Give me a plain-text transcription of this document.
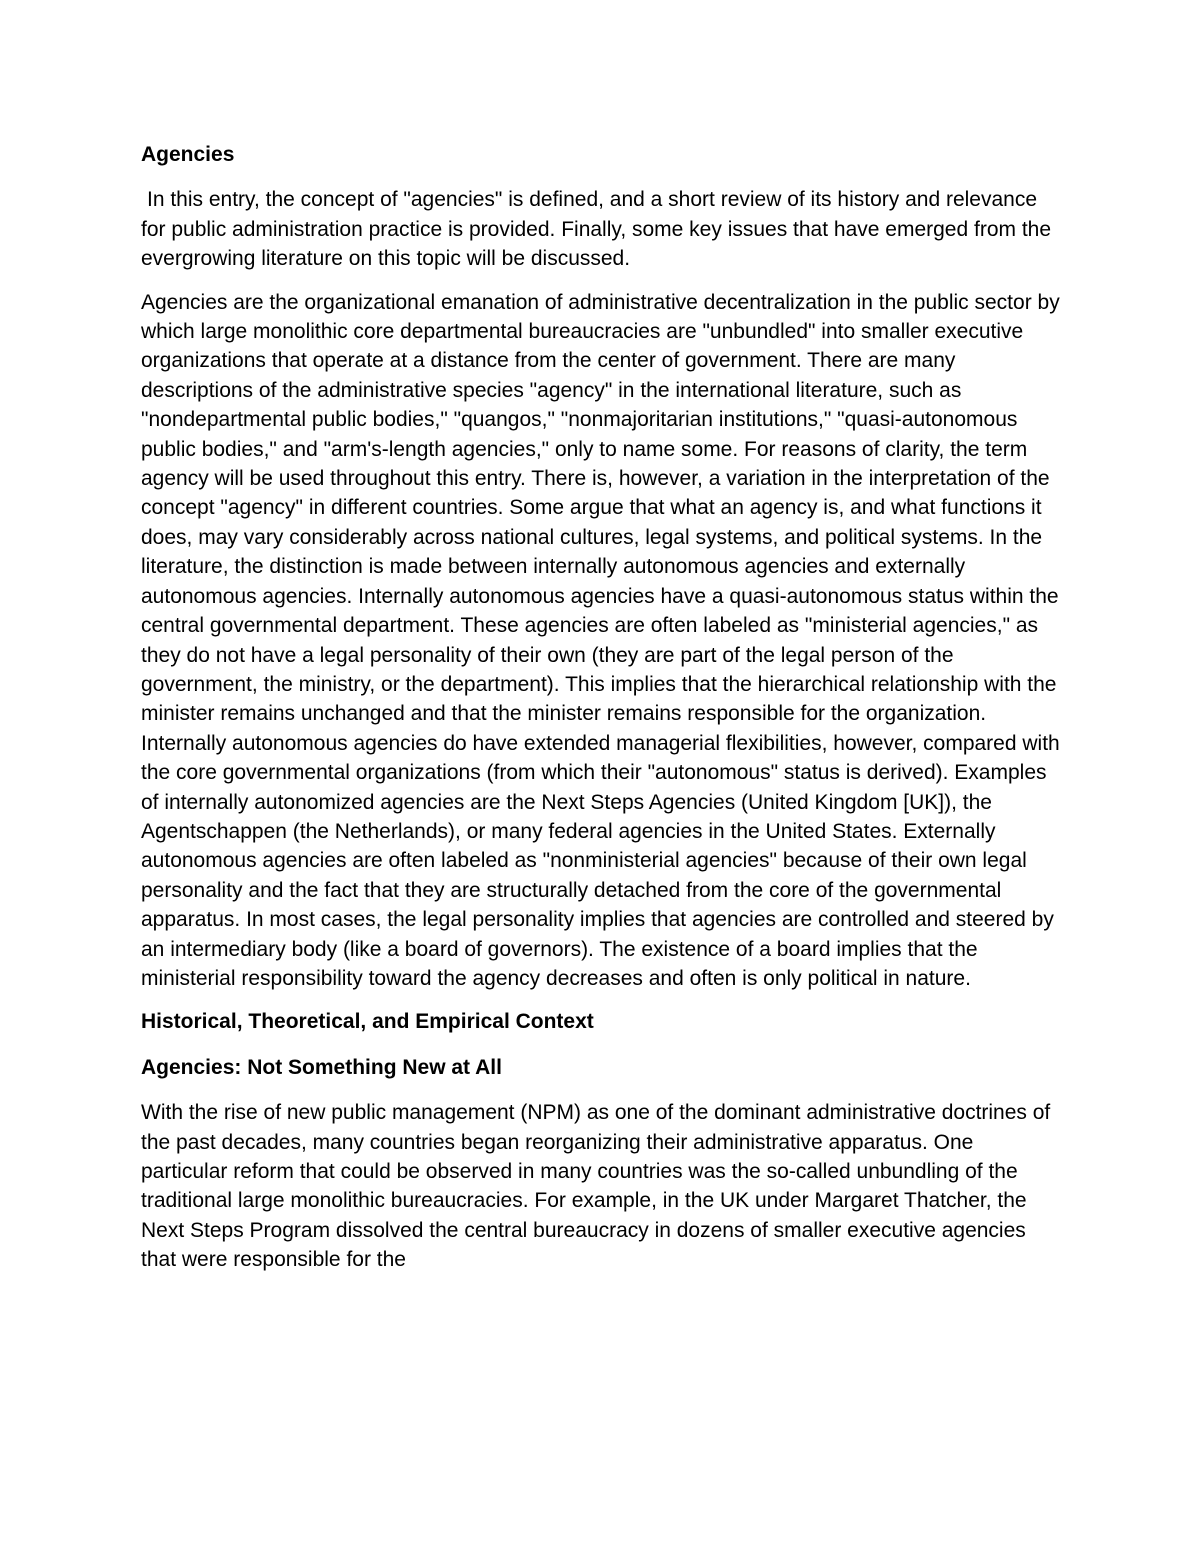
Agencies

In this entry, the concept of "agencies" is defined, and a short review of its history and relevance for public administration practice is provided. Finally, some key issues that have emerged from the evergrowing literature on this topic will be discussed.

Agencies are the organizational emanation of administrative decentralization in the public sector by which large monolithic core departmental bureaucracies are "unbundled" into smaller executive organizations that operate at a distance from the center of government. There are many descriptions of the administrative species "agency" in the international literature, such as "nondepartmental public bodies," "quangos," "nonmajoritarian institutions," "quasi-autonomous public bodies," and "arm's-length agencies," only to name some. For reasons of clarity, the term agency will be used throughout this entry. There is, however, a variation in the interpretation of the concept "agency" in different countries. Some argue that what an agency is, and what functions it does, may vary considerably across national cultures, legal systems, and political systems. In the literature, the distinction is made between internally autonomous agencies and externally autonomous agencies. Internally autonomous agencies have a quasi-autonomous status within the central governmental department. These agencies are often labeled as "ministerial agencies," as they do not have a legal personality of their own (they are part of the legal person of the government, the ministry, or the department). This implies that the hierarchical relationship with the minister remains unchanged and that the minister remains responsible for the organization. Internally autonomous agencies do have extended managerial flexibilities, however, compared with the core governmental organizations (from which their "autonomous" status is derived). Examples of internally autonomized agencies are the Next Steps Agencies (United Kingdom [UK]), the Agentschappen (the Netherlands), or many federal agencies in the United States. Externally autonomous agencies are often labeled as "nonministerial agencies" because of their own legal personality and the fact that they are structurally detached from the core of the governmental apparatus. In most cases, the legal personality implies that agencies are controlled and steered by an intermediary body (like a board of governors). The existence of a board implies that the ministerial responsibility toward the agency decreases and often is only political in nature.

Historical, Theoretical, and Empirical Context

Agencies: Not Something New at All

With the rise of new public management (NPM) as one of the dominant administrative doctrines of the past decades, many countries began reorganizing their administrative apparatus. One particular reform that could be observed in many countries was the so-called unbundling of the traditional large monolithic bureaucracies. For example, in the UK under Margaret Thatcher, the Next Steps Program dissolved the central bureaucracy in dozens of smaller executive agencies that were responsible for the
